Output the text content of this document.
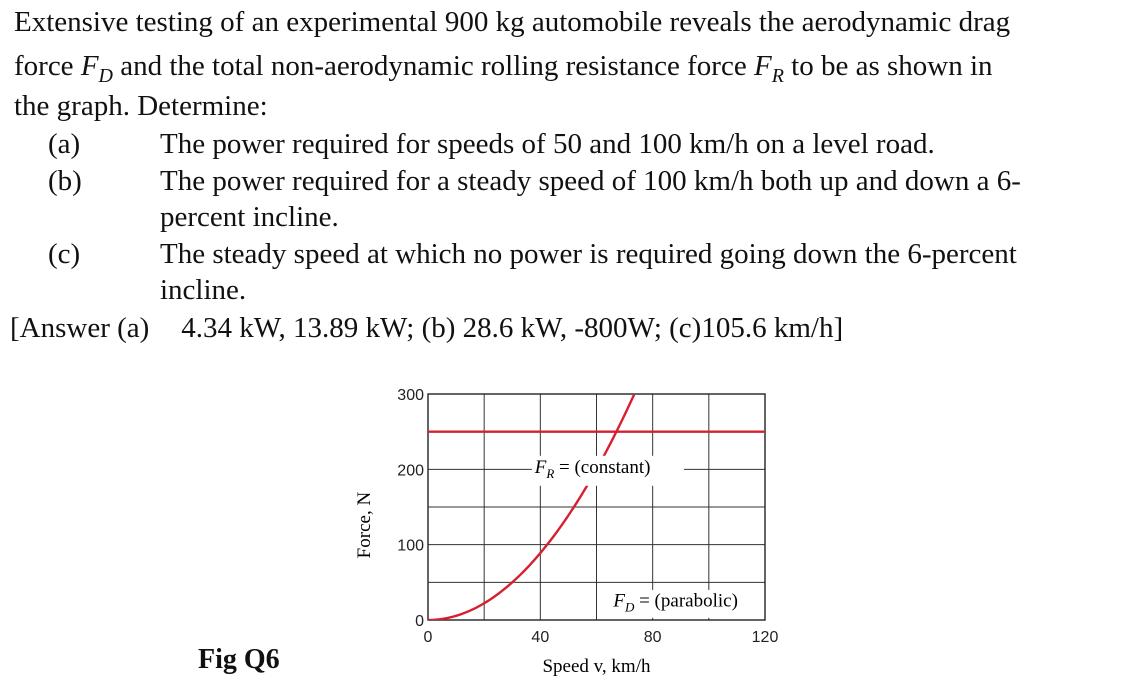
Extensive testing of an experimental 900 kg automobile reveals the aerodynamic drag
force $F_D$ and the total non-aerodynamic rolling resistance force $F_R$ to be as shown in
the graph. Determine:
(a)	The power required for speeds of 50 and 100 km/h on a level road.
(b)	The power required for a steady speed of 100 km/h both up and down a 6-
percent incline.
(c)	The steady speed at which no power is required going down the 6-percent
incline.
[Answer (a) 4.34 kW, 13.89 kW; (b) 28.6 kW, -800W; (c)105.6 km/h]
Fig Q6
0
100
200
300
0	40	80	120
$F_R$ = (constant)
$F_D$ = (parabolic)
Force, N
Speed v, km/h
